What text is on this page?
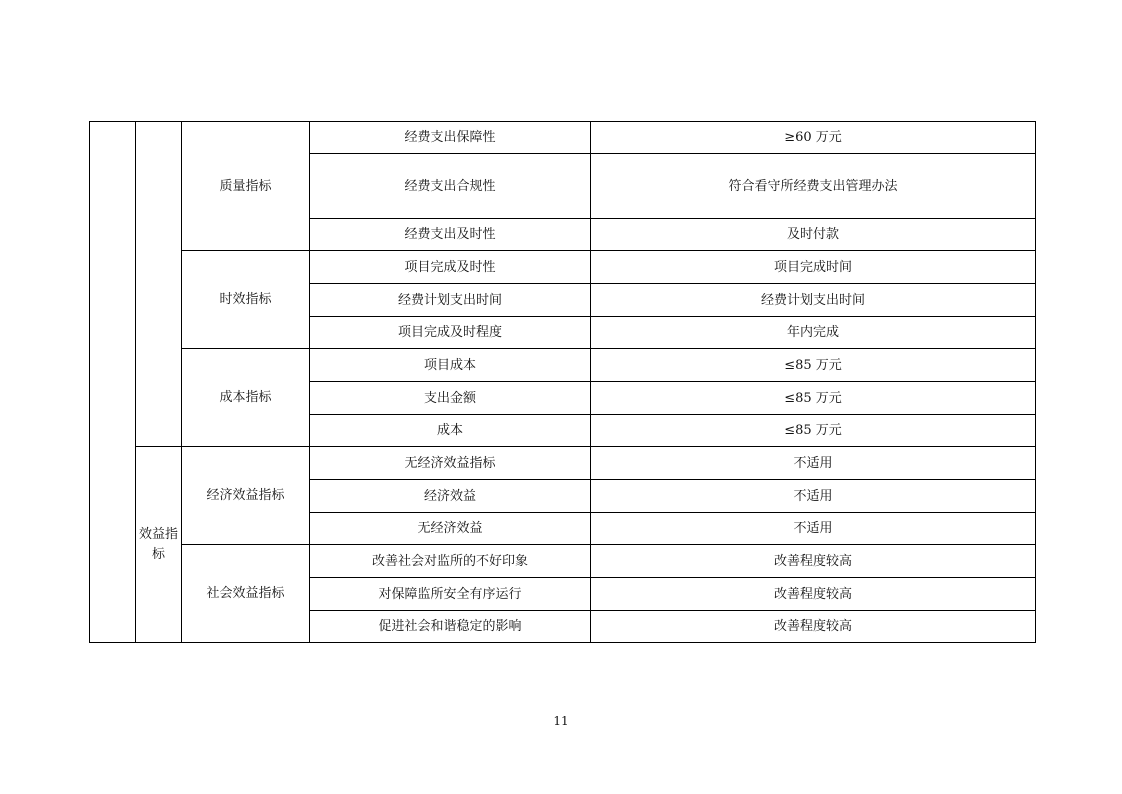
		质量指标	经费支出保障性	≥60 万元
			经费支出合规性	符合看守所经费支出管理办法
			经费支出及时性	及时付款
		时效指标	项目完成及时性	项目完成时间
			经费计划支出时间	经费计划支出时间
			项目完成及时程度	年内完成
		成本指标	项目成本	≤85 万元
			支出金额	≤85 万元
			成本	≤85 万元
	效益指标	经济效益指标	无经济效益指标	不适用
			经济效益	不适用
			无经济效益	不适用
		社会效益指标	改善社会对监所的不好印象	改善程度较高
			对保障监所安全有序运行	改善程度较高
			促进社会和谐稳定的影响	改善程度较高
11
